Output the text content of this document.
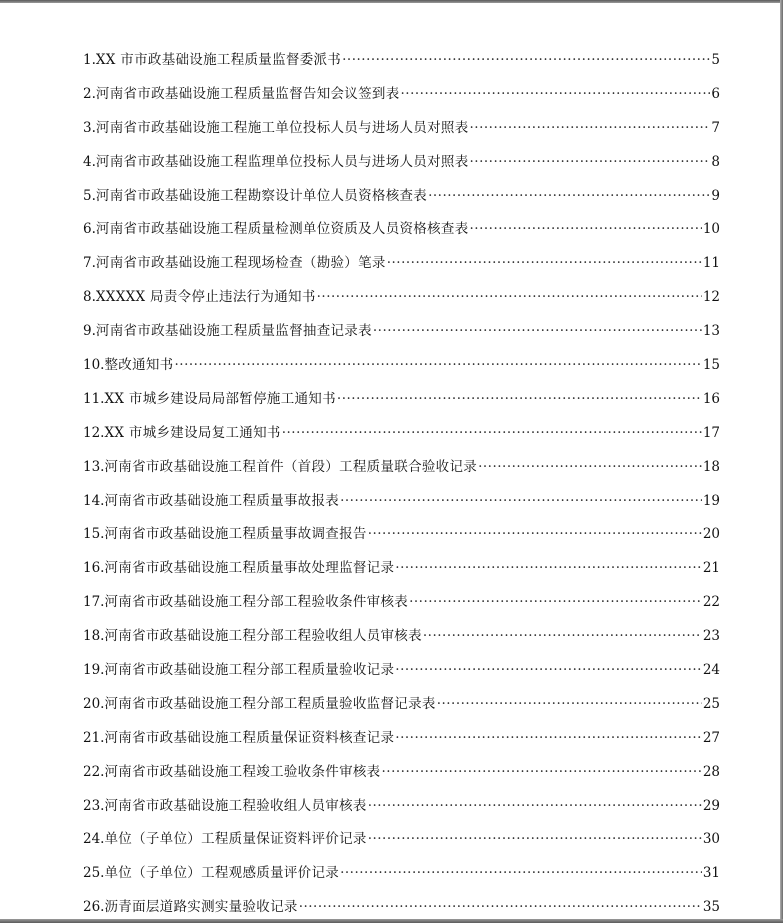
1. XX 市市政基础设施工程质量监督委派书 ·····	5
2. 河南省市政基础设施工程质量监督告知会议签到表 ·····	6
3. 河南省市政基础设施工程施工单位投标人员与进场人员对照表 ·····	7
4. 河南省市政基础设施工程监理单位投标人员与进场人员对照表 ·····	8
5. 河南省市政基础设施工程勘察设计单位人员资格核查表 ·····	9
6. 河南省市政基础设施工程质量检测单位资质及人员资格核查表 ·····	10
7. 河南省市政基础设施工程现场检查（勘验）笔录 ·····	11
8. XXXXX 局责令停止违法行为通知书 ·····	12
9. 河南省市政基础设施工程质量监督抽查记录表 ·····	13
10. 整改通知书 ·····	15
11. XX 市城乡建设局局部暂停施工通知书 ·····	16
12. XX 市城乡建设局复工通知书 ·····	17
13. 河南省市政基础设施工程首件（首段）工程质量联合验收记录 ·····	18
14. 河南省市政基础设施工程质量事故报表 ·····	19
15. 河南省市政基础设施工程质量事故调查报告 ·····	20
16. 河南省市政基础设施工程质量事故处理监督记录 ·····	21
17. 河南省市政基础设施工程分部工程验收条件审核表 ·····	22
18. 河南省市政基础设施工程分部工程验收组人员审核表 ·····	23
19. 河南省市政基础设施工程分部工程质量验收记录 ·····	24
20. 河南省市政基础设施工程分部工程质量验收监督记录表 ·····	25
21. 河南省市政基础设施工程质量保证资料核查记录 ·····	27
22. 河南省市政基础设施工程竣工验收条件审核表 ·····	28
23. 河南省市政基础设施工程验收组人员审核表 ·····	29
24. 单位（子单位）工程质量保证资料评价记录 ·····	30
25. 单位（子单位）工程观感质量评价记录 ·····	31
26. 沥青面层道路实测实量验收记录 ·····	35
